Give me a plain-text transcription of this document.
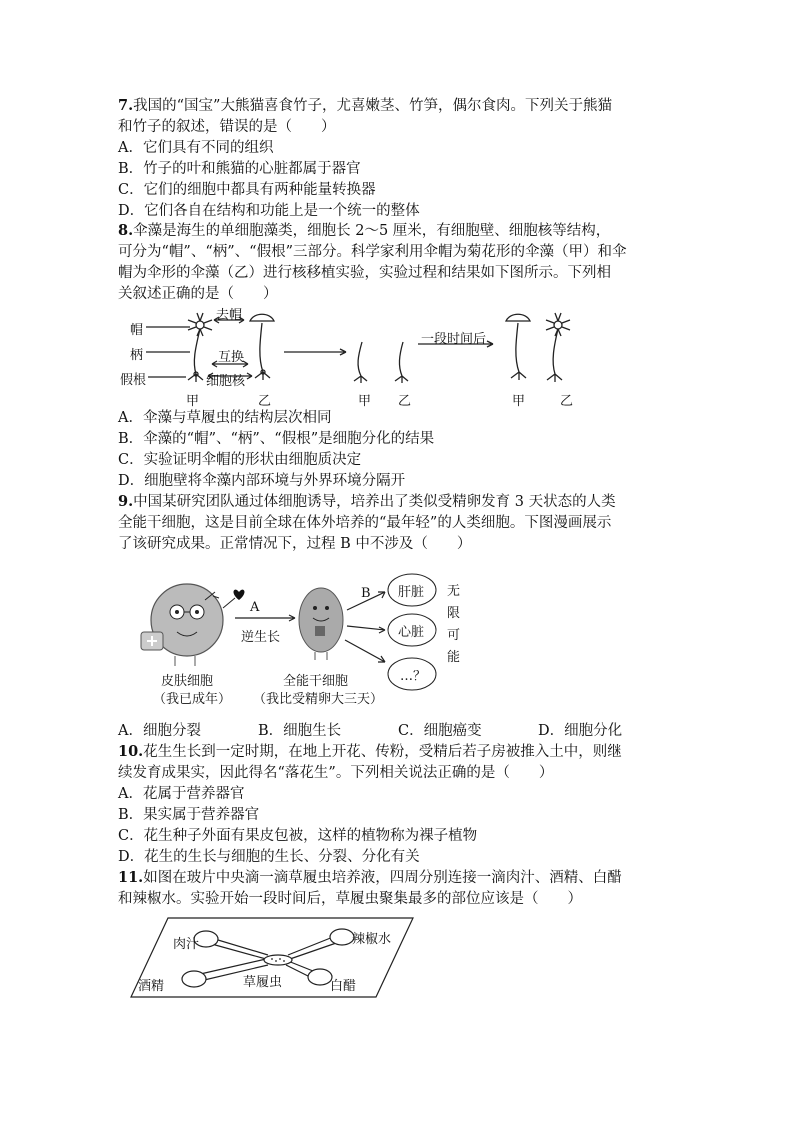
7.我国的“国宝”大熊猫喜食竹子，尤喜嫩茎、竹笋，偶尔食肉。下列关于熊猫
和竹子的叙述，错误的是（　　）
A．它们具有不同的组织
B．竹子的叶和熊猫的心脏都属于器官
C．它们的细胞中都具有两种能量转换器
D．它们各自在结构和功能上是一个统一的整体
8.伞藻是海生的单细胞藻类，细胞长 2～5 厘米，有细胞壁、细胞核等结构，
可分为“帽”、“柄”、“假根”三部分。科学家利用伞帽为菊花形的伞藻（甲）和伞
帽为伞形的伞藻（乙）进行核移植实验，实验过程和结果如下图所示。下列相
关叙述正确的是（　　）
帽
柄
假根
去帽
互换
细胞核
一段时间后
甲	乙	甲 乙	甲	乙
A．伞藻与草履虫的结构层次相同
B．伞藻的“帽”、“柄”、“假根”是细胞分化的结果
C．实验证明伞帽的形状由细胞质决定
D．细胞壁将伞藻内部环境与外界环境分隔开
9.中国某研究团队通过体细胞诱导，培养出了类似受精卵发育 3 天状态的人类
全能干细胞，这是目前全球在体外培养的“最年轻”的人类细胞。下图漫画展示
了该研究成果。正常情况下，过程 B 中不涉及（　　）
A
逆生长
B 肝脏
心脏
…？
无
限
可
能
皮肤细胞
（我已成年）
全能干细胞
（我比受精卵大三天）
A．细胞分裂	B．细胞生长	C．细胞癌变	D．细胞分化
10.花生生长到一定时期，在地上开花、传粉，受精后若子房被推入土中，则继
续发育成果实，因此得名“落花生”。下列相关说法正确的是（　　）
A．花属于营养器官
B．果实属于营养器官
C．花生种子外面有果皮包被，这样的植物称为裸子植物
D．花生的生长与细胞的生长、分裂、分化有关
11.如图在玻片中央滴一滴草履虫培养液，四周分别连接一滴肉汁、酒精、白醋
和辣椒水。实验开始一段时间后，草履虫聚集最多的部位应该是（　　）
肉汁	辣椒水
酒精	白醋
草履虫
